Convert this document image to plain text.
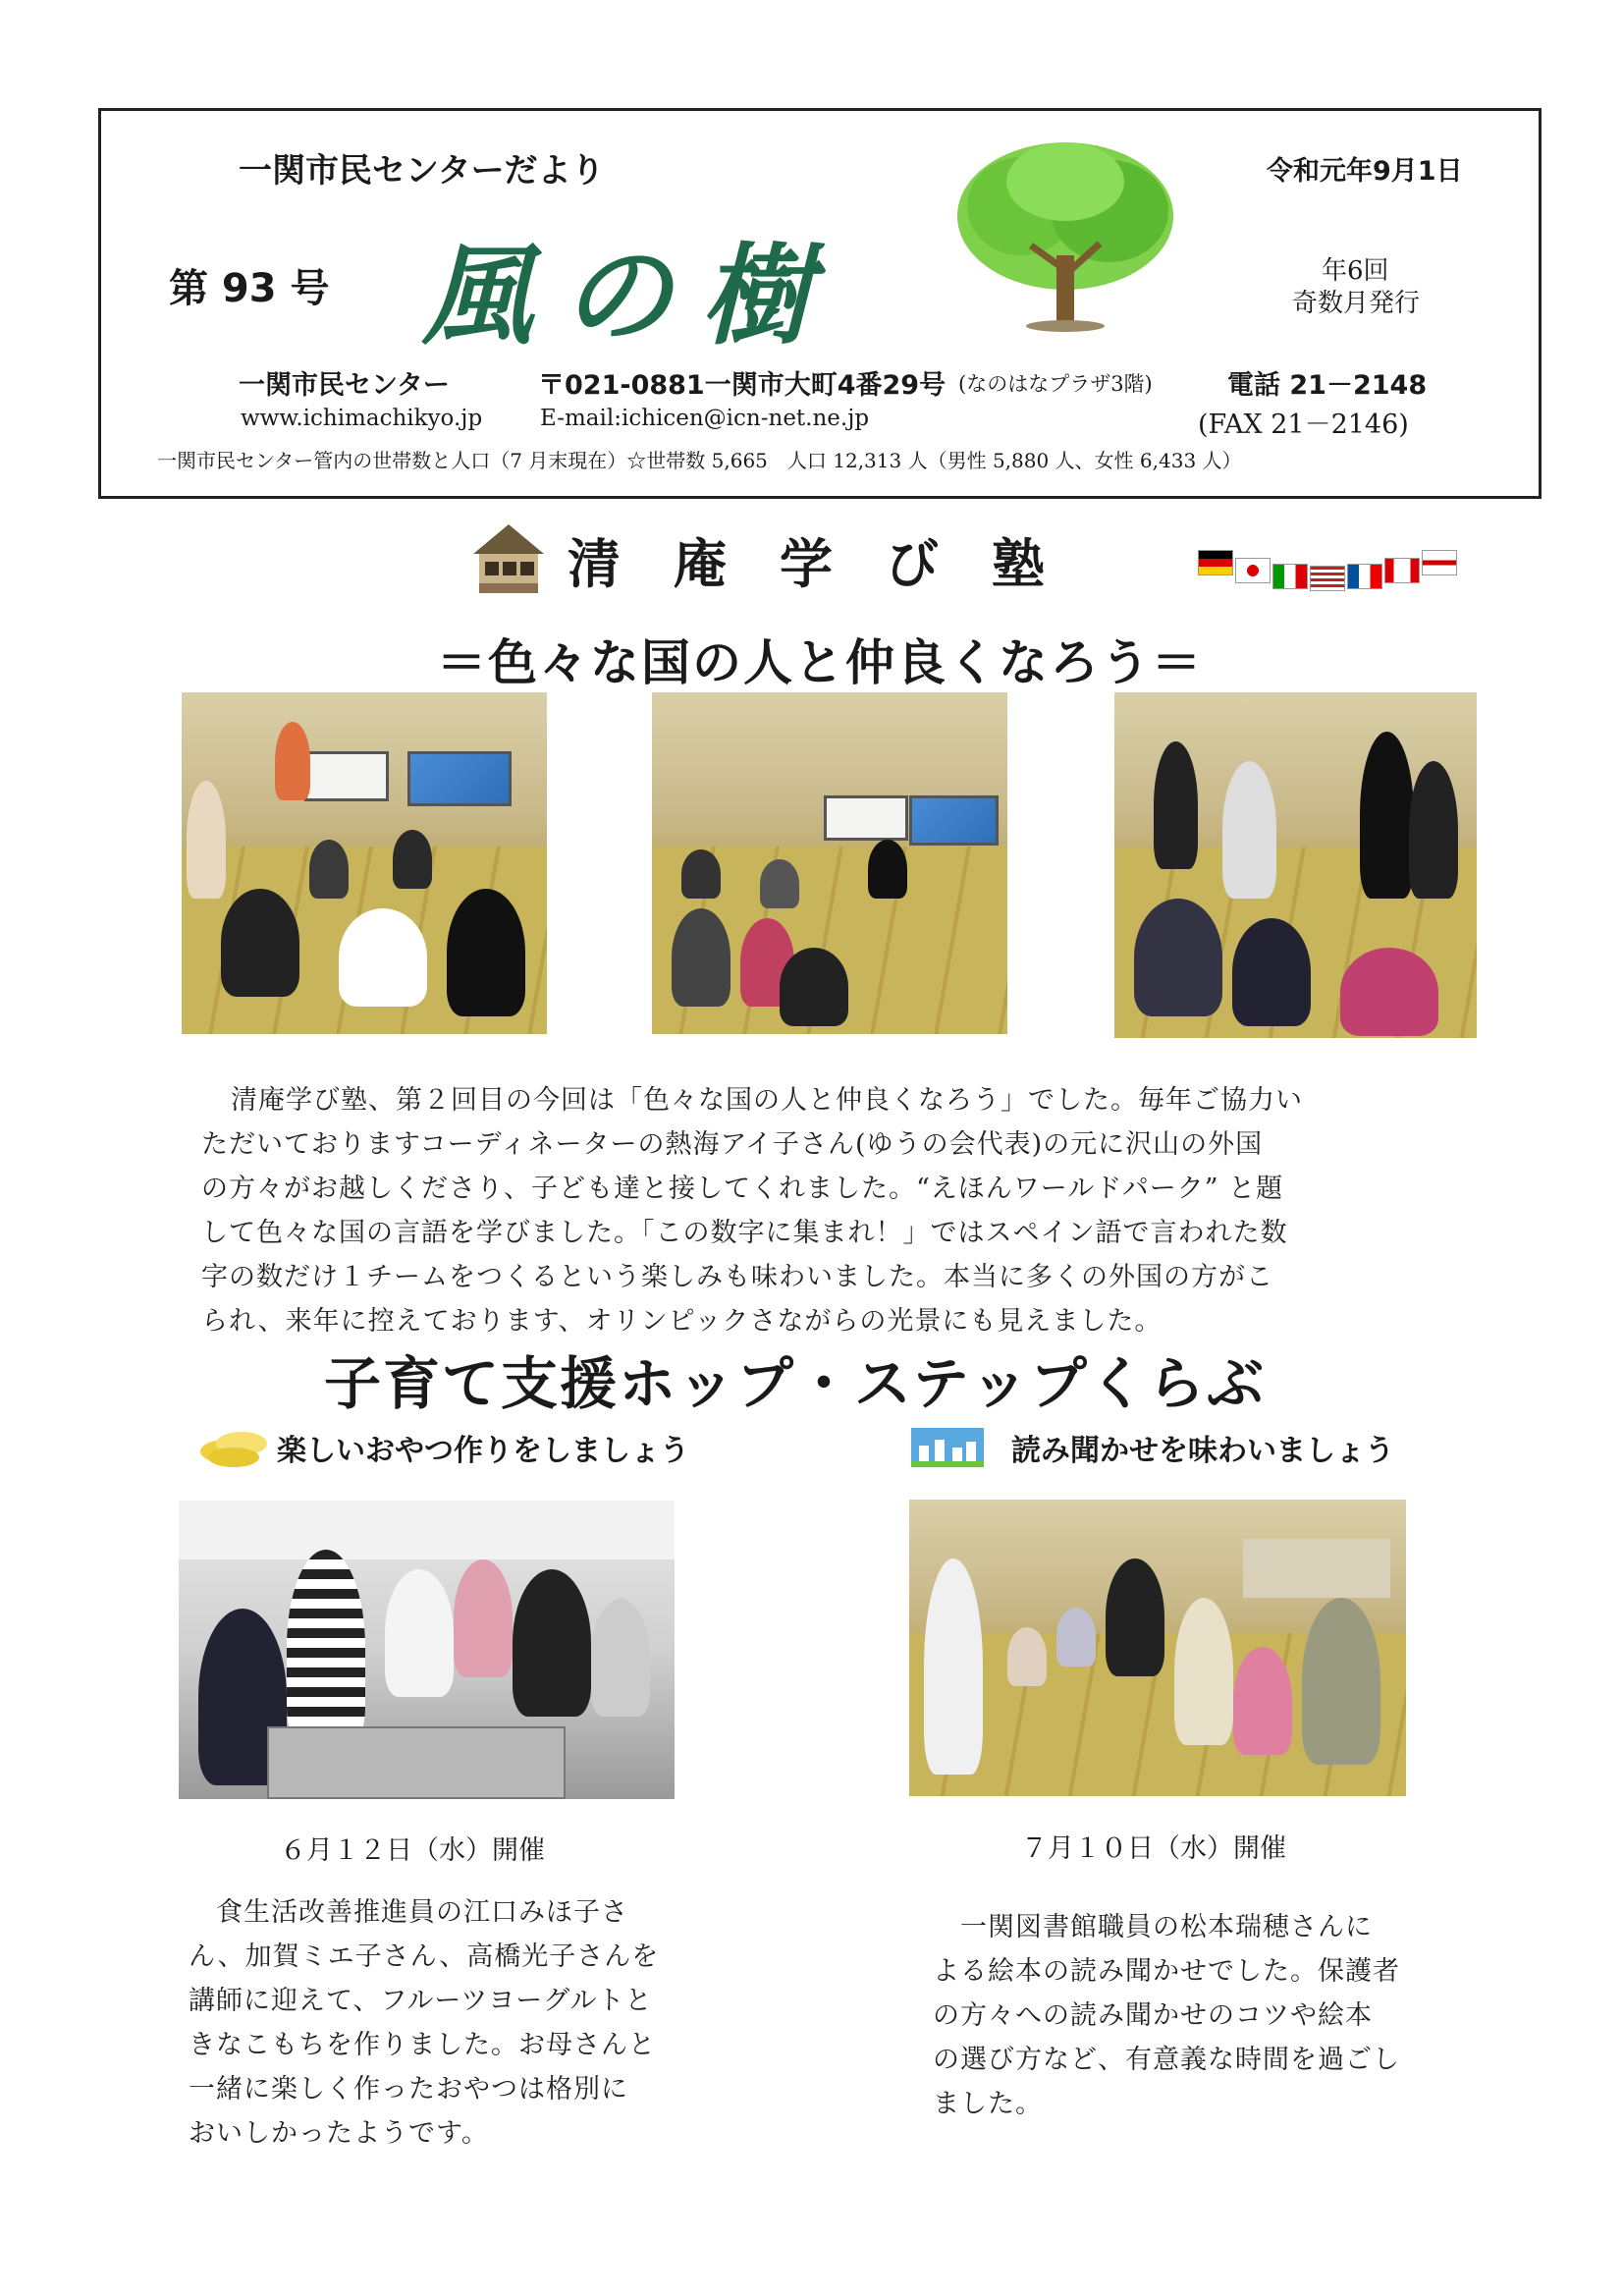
一関市民センターだより
第 93 号 風の樹
令和元年9月1日
年6回
奇数月発行
一関市民センター	〒021-0881一関市大町4番29号 (なのはなプラザ3階)	電話 21－2148
www.ichimachikyo.jp	E-mail:ichicen@icn-net.ne.jp	(FAX 21－2146)
一関市民センター管内の世帯数と人口（7 月末現在）☆世帯数 5,665　人口 12,313 人（男性 5,880 人、女性 6,433 人）
清　庵　学　び　塾
＝色々な国の人と仲良くなろう＝
清庵学び塾、第２回目の今回は「色々な国の人と仲良くなろう」でした。毎年ご協力い
ただいておりますコーディネーターの熱海アイ子さん(ゆうの会代表)の元に沢山の外国
の方々がお越しくださり、子ども達と接してくれました。“えほんワールドパーク” と題
して色々な国の言語を学びました。「この数字に集まれ！」ではスペイン語で言われた数
字の数だけ１チームをつくるという楽しみも味わいました。本当に多くの外国の方がこ
られ、来年に控えております、オリンピックさながらの光景にも見えました。
子育て支援ホップ・ステップくらぶ
楽しいおやつ作りをしましょう
６月１２日（水）開催
　食生活改善推進員の江口みほ子さ
ん、加賀ミエ子さん、高橋光子さんを
講師に迎えて、フルーツヨーグルトと
きなこもちを作りました。お母さんと
一緒に楽しく作ったおやつは格別に
おいしかったようです。
読み聞かせを味わいましょう
７月１０日（水）開催
　一関図書館職員の松本瑞穂さんに
よる絵本の読み聞かせでした。保護者
の方々への読み聞かせのコツや絵本
の選び方など、有意義な時間を過ごし
ました。
